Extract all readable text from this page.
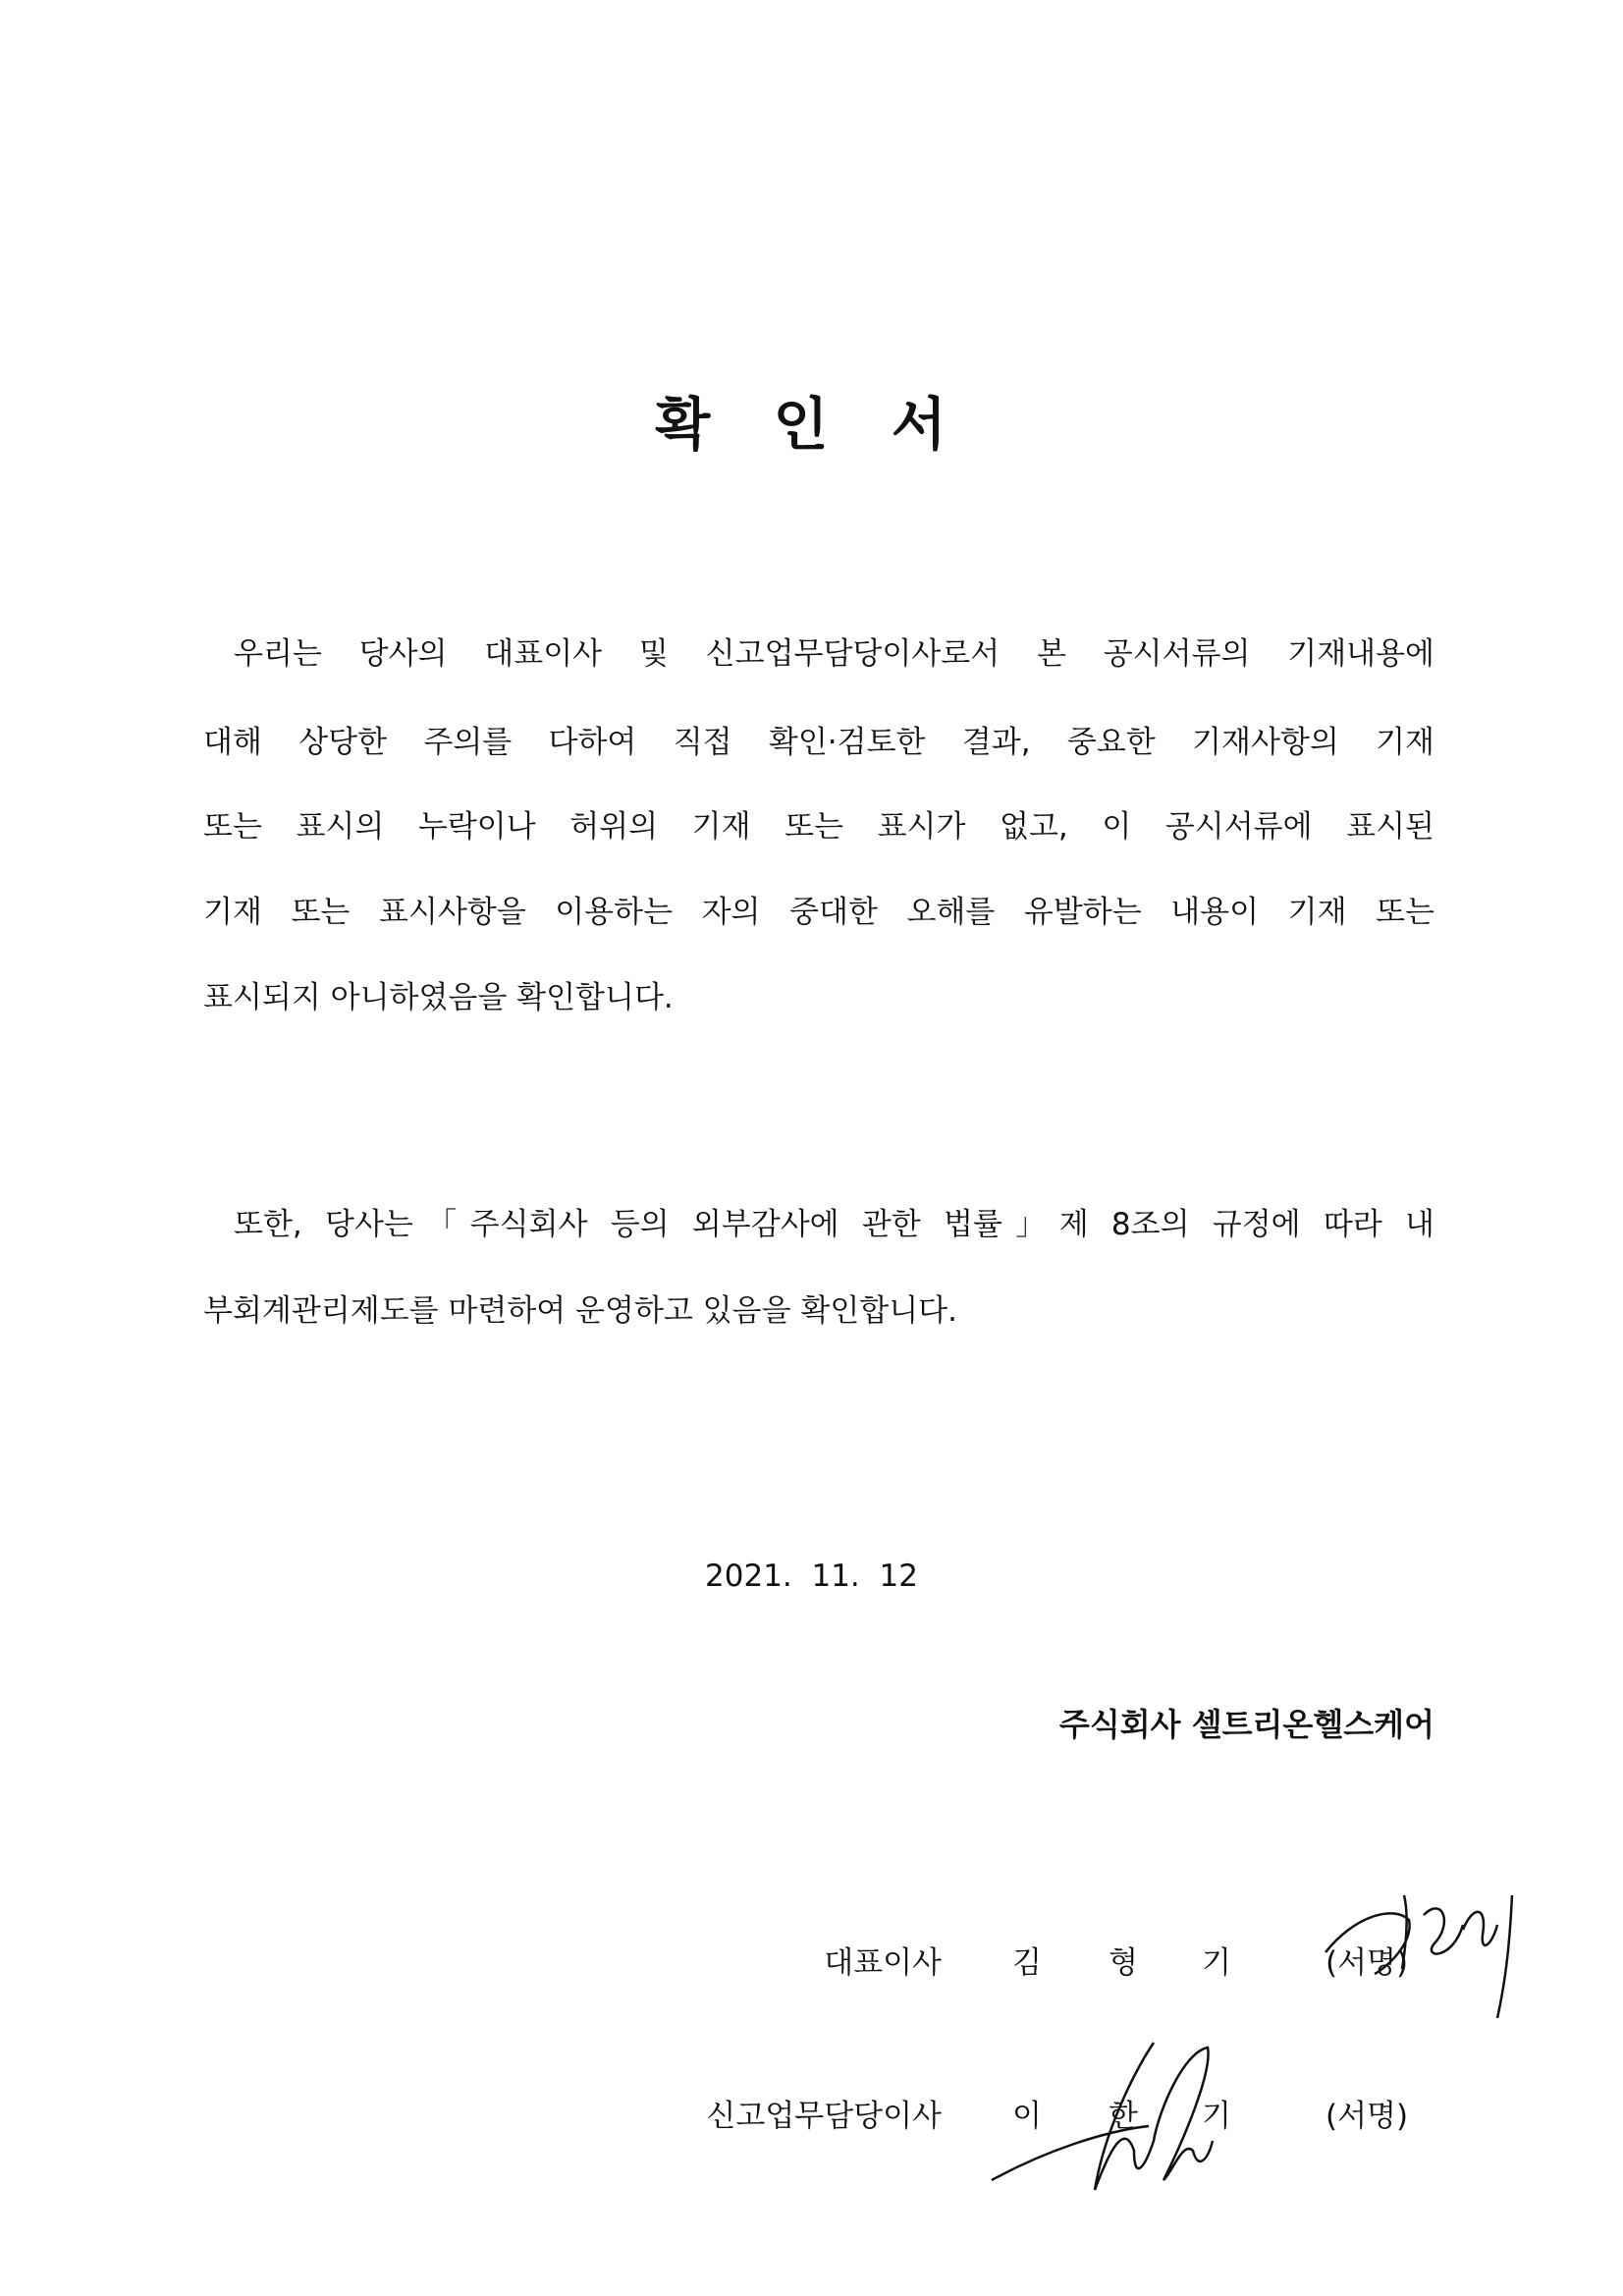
확 인 서
우리는 당사의 대표이사 및 신고업무담당이사로서 본 공시서류의 기재내용에
대해 상당한 주의를 다하여 직접 확인·검토한 결과, 중요한 기재사항의 기재
또는 표시의 누락이나 허위의 기재 또는 표시가 없고, 이 공시서류에 표시된
기재 또는 표시사항을 이용하는 자의 중대한 오해를 유발하는 내용이 기재 또는
표시되지 아니하였음을 확인합니다.
또한, 당사는「주식회사 등의 외부감사에 관한 법률」제 8조의 규정에 따라 내
부회계관리제도를 마련하여 운영하고 있음을 확인합니다.
2021.  11.  12
주식회사 셀트리온헬스케어
대표이사 김 형 기	(서명)
신고업무담당이사 이 한 기	(서명)
